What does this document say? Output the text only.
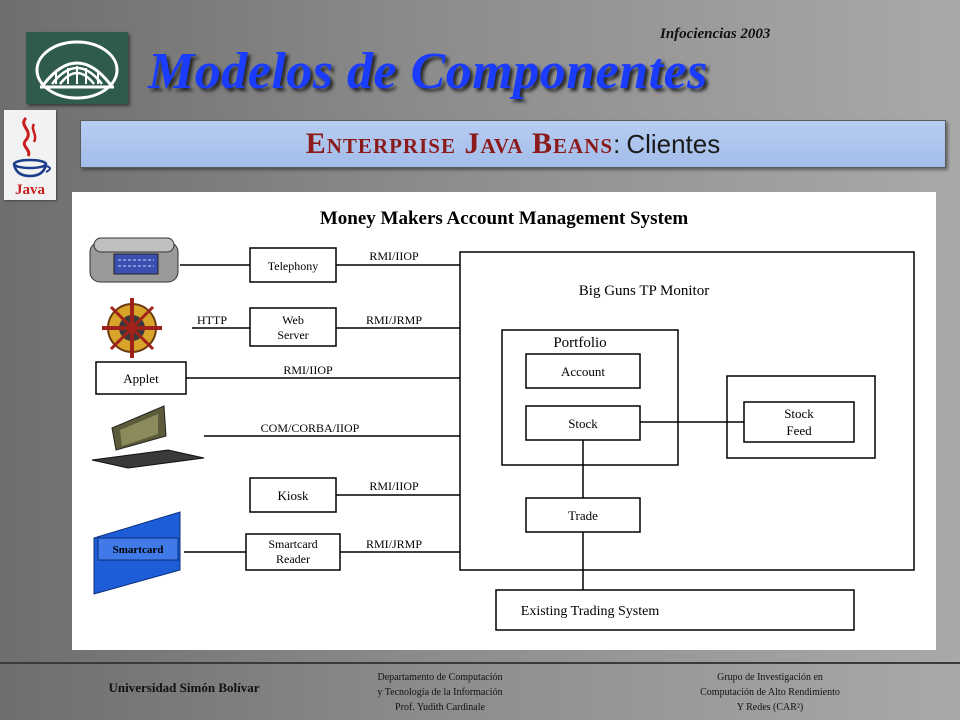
Infociencias 2003
Modelos de Componentes
Java
Enterprise Java Beans : Clientes
Smartcard
Money Makers Account Management System
Big Guns TP Monitor
Portfolio
Account
Stock
Stock
Feed
Trade
Existing Trading System
Telephony
Web
Server
Applet
Kiosk
Smartcard
Reader
RMI/IIOP
HTTP	RMI/JRMP
RMI/IIOP
COM/CORBA/IIOP
RMI/IIOP
RMI/JRMP
Universidad Simón Bolívar
Departamento de Computación
y Tecnología de la Información
Prof. Yudith Cardinale
Grupo de Investigación en
Computación de Alto Rendimiento
Y Redes (CAR²)
